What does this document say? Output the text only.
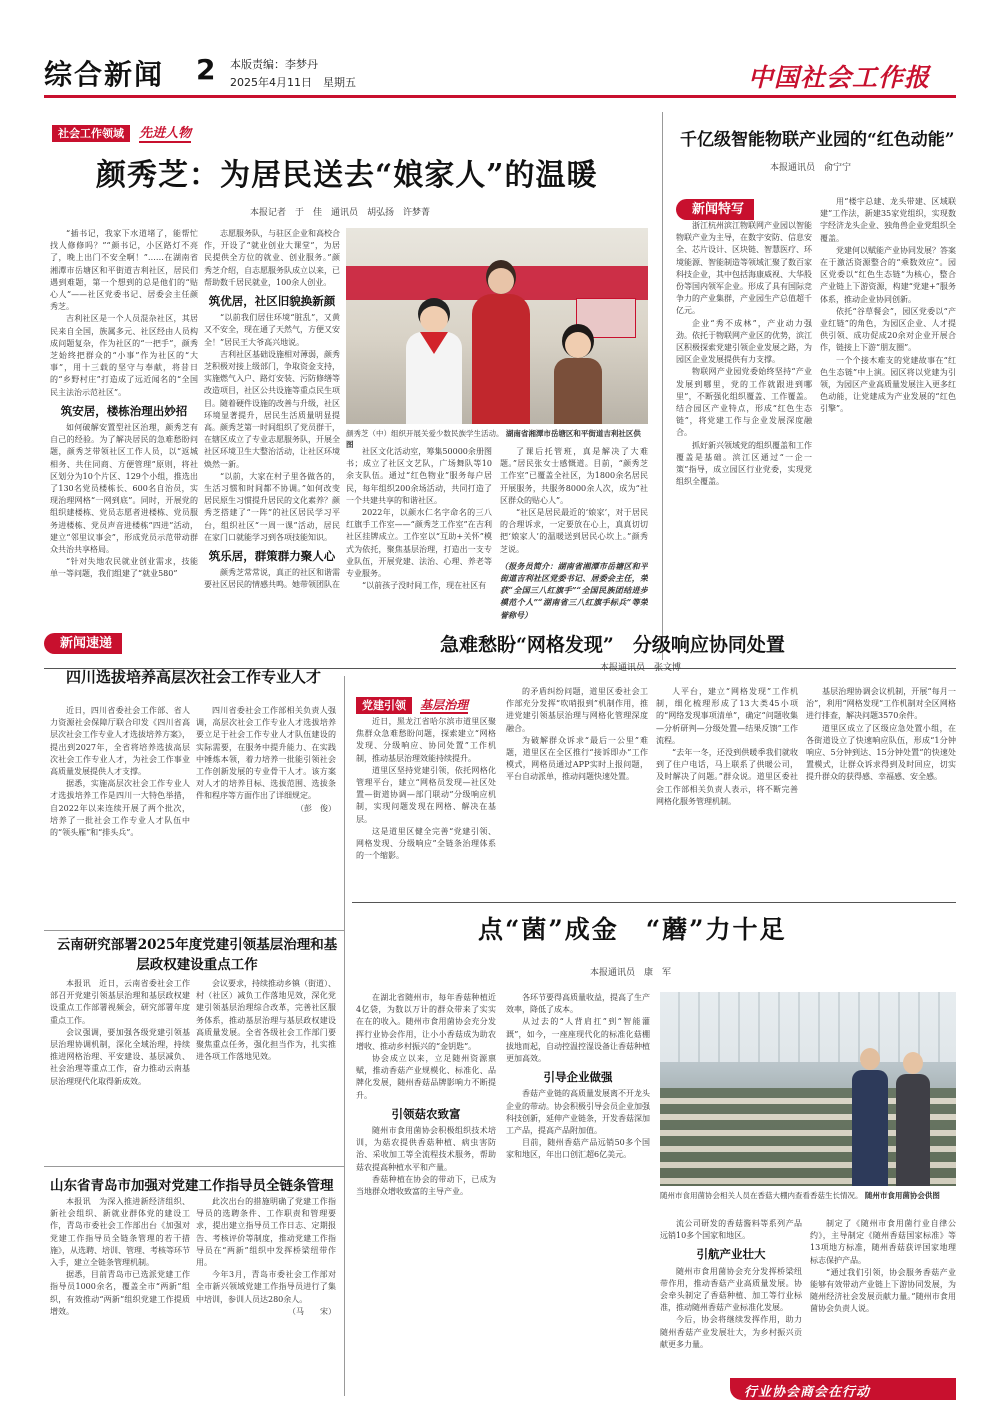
综合新闻 2 本版责编：李梦丹
2025年4月11日　星期五	中国社会工作报
社会工作领域 先进人物
颜秀芝：为居民送去“娘家人”的温暖
本报记者　于　佳　通讯员　胡弘扬　许梦菁

“插书记，我家下水道堵了，能帮忙找人修修吗？”“颜书记，小区路灯不亮了，晚上出门不安全啊！”……在湖南省湘潭市岳塘区和平街道吉利社区，居民们遇到难题，第一个想到的总是他们的“贴心人”——社区党委书记、居委会主任颜秀芝。

吉利社区是一个人员混杂社区，其居民来自全国，族属多元、社区经由人员构成问题复杂，作为社区的“一把手”，颜秀芝始终把群众的“小事”作为社区的“大事”，用十三载的坚守与奉献，将昔日的“乡野村庄”打造成了远近闻名的“全国民主法治示范社区”。

筑安居，楼栋治理出妙招

如何破解安置型社区治理，颜秀芝有自己的经验。为了解决居民的急难愁盼问题，颜秀芝带领社区工作人员，以“返城相务、共住同商、方便管理”原则，将社区划分为10个片区、129个小组，推选出了130名党员楼栋长、600名自治员，实现治理网格“一网到底”。同时，开展党的组织建楼栋、党员志愿者进楼栋、党员服务进楼栋、党员声音进楼栋“四进”活动，建立“邻里议事会”，形成党员示范带动群众共治共享格局。

“针对失地农民就业创业需求，技能单一等问题，我们组建了“就业580”

志愿服务队，与驻区企业和高校合作，开设了“就业创业大课堂”，为居民提供全方位的就业、创业服务。”颜秀芝介绍，自志愿服务队成立以来，已帮助数千居民就业，100余人创业。

筑优居，社区旧貌换新颜

“以前我们居住环境“脏乱”，又黄又不安全，现在通了天然气，方便又安全！”居民王大爷高兴地说。

吉利社区基础设施相对薄弱，颜秀芝积极对接上级部门，争取资金支持，实施燃气入户、路灯安装、污防修缮等改造项目，社区公共设施等重点民生项目。随着硬件设施的改善与升级，社区环境显著提升，居民生活质量明显提高。颜秀芝第一时间组织了党员群干，在辖区成立了专业志愿服务队，开展全社区环境卫生大整治活动，让社区环境焕然一新。

“以前，大家在村子里各做各的，生活习惯和时间都不协调。”如何改变居民原生习惯提升居民的文化素养？颜秀芝搭建了“一阵”的社区居民学习平台，组织社区“一周一课”活动，居民在家门口就能学习到各项技能知识。

筑乐居，群策群力聚人心

颜秀芝常常说，真正的社区和谐需要社区居民的情感共鸣。她带领团队在

颜秀芝（中）组织开展关爱少数民族学生活动。 湖南省湘潭市岳塘区和平街道吉利社区供图

社区文化活动室，筹集50000余册图书；成立了社区文艺队，广场舞队等10余支队伍。通过“红色物业”服务每户居民，每年组织200余场活动，共同打造了一个共建共享的和谐社区。

2022年，以颜水仁名字命名的三八红旗手工作室——“颜秀芝工作室”在吉利社区挂牌成立。工作室以“互助+关怀”模式为依托，聚焦基层治理，打造出一支专业队伍，开展党建、法治、心理、养老等专业服务。

“以前孩子没时间工作，现在社区有

了课后托管班，真是解决了大难题。”居民张女士感慨道。目前，“颜秀芝工作室”已覆盖全社区，为1800余名居民开展服务，共服务8000余人次，成为“社区群众的贴心人”。

“社区是居民最近的‘娘家’，对于居民的合理诉求，一定要放在心上，真真切切把‘娘家人’的温暖送到居民心坎上。”颜秀芝说。

（报务员简介：湖南省湘潭市岳塘区和平街道吉利社区党委书记、居委会主任，荣获“全国三八红旗手”“全国民族团结进步模范个人”“湖南省三八红旗手标兵”等荣誉称号）

千亿级智能物联产业园的“红色动能”
本报通讯员　俞宁宁
新闻特写

浙江杭州滨江物联网产业园以智能物联产业为主导，在数字安防、信息安全、芯片设计、区块链、智慧医疗、环境能源、智能制造等领域汇聚了数百家科技企业，其中包括海康威视、大华股份等国内领军企业。形成了具有国际竞争力的产业集群，产业园生产总值超千亿元。

企业“秀不成林”，产业动力强劲。依托于物联网产业区的优势，滨江区积极探索党建引领企业发展之路，为园区企业发展提供有力支撑。

物联网产业园党委始终坚持“产业发展到哪里，党的工作就跟进到哪里”，不断强化组织覆盖、工作覆盖。结合园区产业特点，形成“红色生态链”，将党建工作与企业发展深度融合。

抓好新兴领域党的组织覆盖和工作覆盖是基础。滨江区通过“一企一策”指导，成立园区行业党委，实现党组织全覆盖。

用“楼宇总建、龙头带建、区域联建”工作法，新建35家党组织，实现数字经济龙头企业、独角兽企业党组织全覆盖。

党建何以赋能产业协同发展？答案在于激活资源整合的“乘数效应”。园区党委以“红色生态链”为核心，整合产业链上下游资源，构建“党建+”服务体系，推动企业协同创新。

依托“谷草餐会”，园区党委以“产业红链”的角色，为园区企业、人才提供引领、成功促成20余对企业开展合作，链接上下游“朋友圈”。

一个个接木难支的党建故事在“红色生态链”中上演。园区将以党建为引领，为园区产业高质量发展注入更多红色动能，让党建成为产业发展的“红色引擎”。

新闻速递
四川选拔培养高层次社会工作专业人才

近日，四川省委社会工作部、省人力资源社会保障厅联合印发《四川省高层次社会工作专业人才选拔培养方案》，提出到2027年，全省将培养选拔高层次社会工作专业人才，为社会工作事业高质量发展提供人才支撑。

据悉，实施高层次社会工作专业人才选拔培养工作是四川一大特色举措，自2022年以来连续开展了两个批次，培养了一批社会工作专业人才队伍中的“领头雁”和“排头兵”。

四川省委社会工作部相关负责人强调，高层次社会工作专业人才选拔培养要立足于社会工作专业人才队伍建设的实际需要，在服务中提升能力、在实践中锤炼本领，着力培养一批能引领社会工作创新发展的专业骨干人才。该方案对人才的培养目标、选拔范围、选拔条件和程序等方面作出了详细规定。

（彭　俊）

云南研究部署2025年度党建引领基层治理和基层政权建设重点工作

本报讯　近日，云南省委社会工作部召开党建引领基层治理和基层政权建设重点工作部署视频会，研究部署年度重点工作。

会议强调，要加强各级党建引领基层治理协调机制，深化全域治理，持续推进网格治理、平安建设、基层减负、社会治理等重点工作，奋力推动云南基层治理现代化取得新成效。

会议要求，持续推动乡镇（街道）、村（社区）减负工作落地见效，深化党建引领基层治理综合改革，完善社区服务体系，推动基层治理与基层政权建设高质量发展。全省各级社会工作部门要聚焦重点任务，强化担当作为，扎实推进各项工作落地见效。

山东省青岛市加强对党建工作指导员全链条管理

本报讯　为深入推进新经济组织、新社会组织、新就业群体党的建设工作，青岛市委社会工作部出台《加强对党建工作指导员全链条管理的若干措施》，从选聘、培训、管理、考核等环节入手，建立全链条管理机制。

据悉，目前青岛市已选派党建工作指导员1000余名，覆盖全市“两新”组织，有效推动“两新”组织党建工作提质增效。

此次出台的措施明确了党建工作指导员的选聘条件、工作职责和管理要求，提出建立指导员工作日志、定期报告、考核评价等制度，推动党建工作指导员在“两新”组织中发挥桥梁纽带作用。

今年3月，青岛市委社会工作部对全市新兴领域党建工作指导员进行了集中培训，参训人员达280余人。

（马　　宋）

急难愁盼“网格发现”　分级响应协同处置
本报通讯员　张文博
党建引领 基层治理

近日，黑龙江省哈尔滨市道里区聚焦群众急难愁盼问题，探索建立“网格发现、分级响应、协同处置”工作机制，推动基层治理效能持续提升。

道里区坚持党建引领，依托网格化管理平台，建立“网格员发现—社区处置—街道协调—部门联动”分级响应机制，实现问题发现在网格、解决在基层。

这是道里区健全完善“党建引领、网格发现、分级响应”全链条治理体系的一个缩影。

的矛盾纠纷问题，道里区委社会工作部充分发挥“吹哨报到”机制作用，推进党建引领基层治理与网格化管理深度融合。

为破解群众诉求“最后一公里”难题，道里区在全区推行“接诉即办”工作模式，网格员通过APP实时上报问题，平台自动派单，推动问题快速处置。

人平台，建立“网格发现”工作机制，细化梳理形成了13大类45小项的“网络发现事项清单”，确定“问题收集—分析研判—分级处置—结果反馈”工作流程。

“去年一冬，还没到供暖季我们就收到了住户电话，马上联系了供暖公司，及时解决了问题。”群众说。道里区委社会工作部相关负责人表示，将不断完善网格化服务管理机制。

基层治理协调会议机制，开展“每月一治”，利用“网格发现”工作机制对全区网格进行排查，解决问题3570余件。

道里区成立了区级应急处置小组，在各街道设立了快速响应队伍，形成“1分钟响应、5分钟到达、15分钟处置”的快速处置模式，让群众诉求得到及时回应，切实提升群众的获得感、幸福感、安全感。

点“菌”成金　“蘑”力十足
本报通讯员　康　军

在湖北省随州市，每年香菇种植近4亿袋，为数以万计的群众带来了实实在在的收入。随州市食用菌协会充分发挥行业协会作用，让小小香菇成为助农增收、推动乡村振兴的“金钥匙”。

协会成立以来，立足随州资源禀赋，推动香菇产业规模化、标准化、品牌化发展，随州香菇品牌影响力不断提升。

引领菇农致富

随州市食用菌协会积极组织技术培训，为菇农提供香菇种植、病虫害防治、采收加工等全流程技术服务，帮助菇农提高种植水平和产量。

香菇种植在协会的带动下，已成为当地群众增收致富的主导产业。

各环节要得高质量收益，提高了生产效率，降低了成本。

从过去的“人背肩扛”到“智能灌溉”，如今，一座座现代化的标准化菇棚拔地而起，自动控温控湿设备让香菇种植更加高效。

引导企业做强

香菇产业链的高质量发展离不开龙头企业的带动。协会积极引导会员企业加强科技创新，延伸产业链条，开发香菇深加工产品，提高产品附加值。

目前，随州香菇产品远销50多个国家和地区，年出口创汇超6亿美元。

随州市食用菌协会相关人员在香菇大棚内查看香菇生长情况。 随州市食用菌协会供图

流公司研发的香菇酱料等系列产品远销10多个国家和地区。

引航产业壮大

随州市食用菌协会充分发挥桥梁纽带作用，推动香菇产业高质量发展。协会牵头制定了香菇种植、加工等行业标准，推动随州香菇产业标准化发展。

今后，协会将继续发挥作用，助力随州香菇产业发展壮大，为乡村振兴贡献更多力量。

制定了《随州市食用菌行业自律公约》，主导制定《随州香菇国家标准》等13项地方标准，随州香菇获评国家地理标志保护产品。

“通过我们引领，协会服务香菇产业能够有效带动产业链上下游协同发展，为随州经济社会发展贡献力量。”随州市食用菌协会负责人说。

行业协会商会在行动
